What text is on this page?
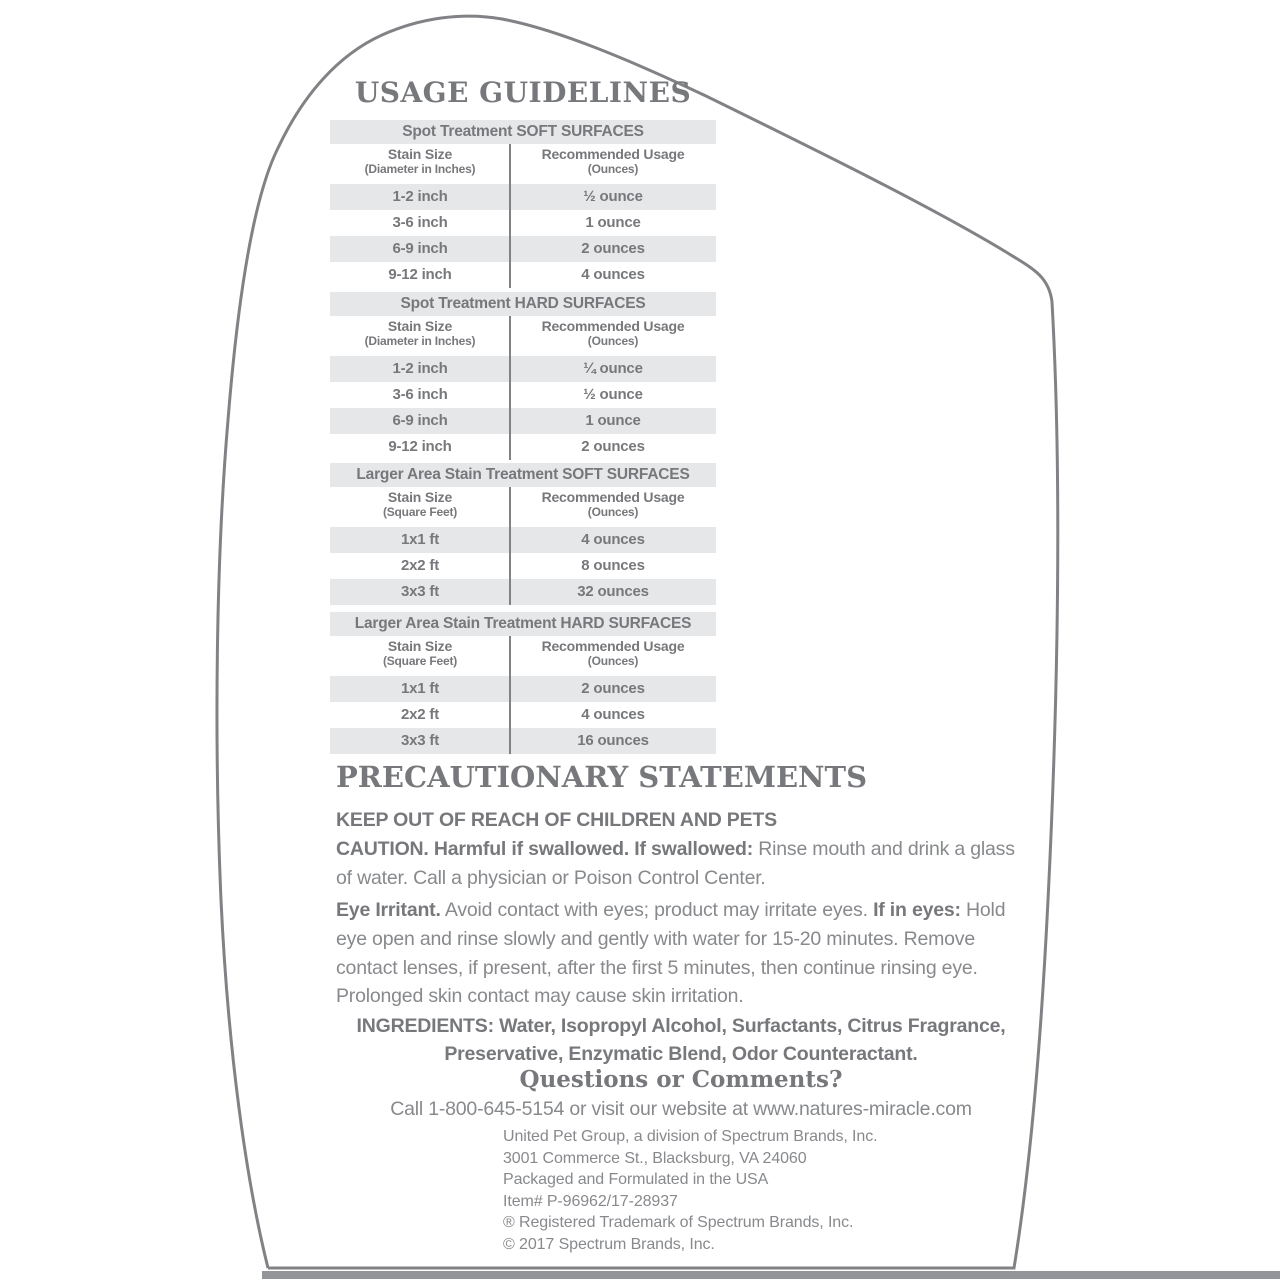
USAGE GUIDELINES
Spot Treatment SOFT SURFACES
Stain Size
(Diameter in Inches)
Recommended Usage
(Ounces)
1-2 inch	½ ounce
3-6 inch	1 ounce
6-9 inch	2 ounces
9-12 inch	4 ounces
Spot Treatment HARD SURFACES
Stain Size
(Diameter in Inches)
Recommended Usage
(Ounces)
1-2 inch	¼ ounce
3-6 inch	½ ounce
6-9 inch	1 ounce
9-12 inch	2 ounces
Larger Area Stain Treatment SOFT SURFACES
Stain Size
(Square Feet)
Recommended Usage
(Ounces)
1x1 ft	4 ounces
2x2 ft	8 ounces
3x3 ft	32 ounces
Larger Area Stain Treatment HARD SURFACES
Stain Size
(Square Feet)
Recommended Usage
(Ounces)
1x1 ft	2 ounces
2x2 ft	4 ounces
3x3 ft	16 ounces
PRECAUTIONARY STATEMENTS
KEEP OUT OF REACH OF CHILDREN AND PETS
CAUTION. Harmful if swallowed. If swallowed: Rinse mouth and drink a glass of water. Call a physician or Poison Control Center.
Eye Irritant. Avoid contact with eyes; product may irritate eyes. If in eyes: Hold eye open and rinse slowly and gently with water for 15-20 minutes. Remove contact lenses, if present, after the first 5 minutes, then continue rinsing eye.
Prolonged skin contact may cause skin irritation.
INGREDIENTS: Water, Isopropyl Alcohol, Surfactants, Citrus Fragrance, Preservative, Enzymatic Blend, Odor Counteractant.
Questions or Comments?
Call 1-800-645-5154 or visit our website at www.natures-miracle.com
United Pet Group, a division of Spectrum Brands, Inc.
3001 Commerce St., Blacksburg, VA 24060
Packaged and Formulated in the USA
Item# P-96962/17-28937
® Registered Trademark of Spectrum Brands, Inc.
© 2017 Spectrum Brands, Inc.
